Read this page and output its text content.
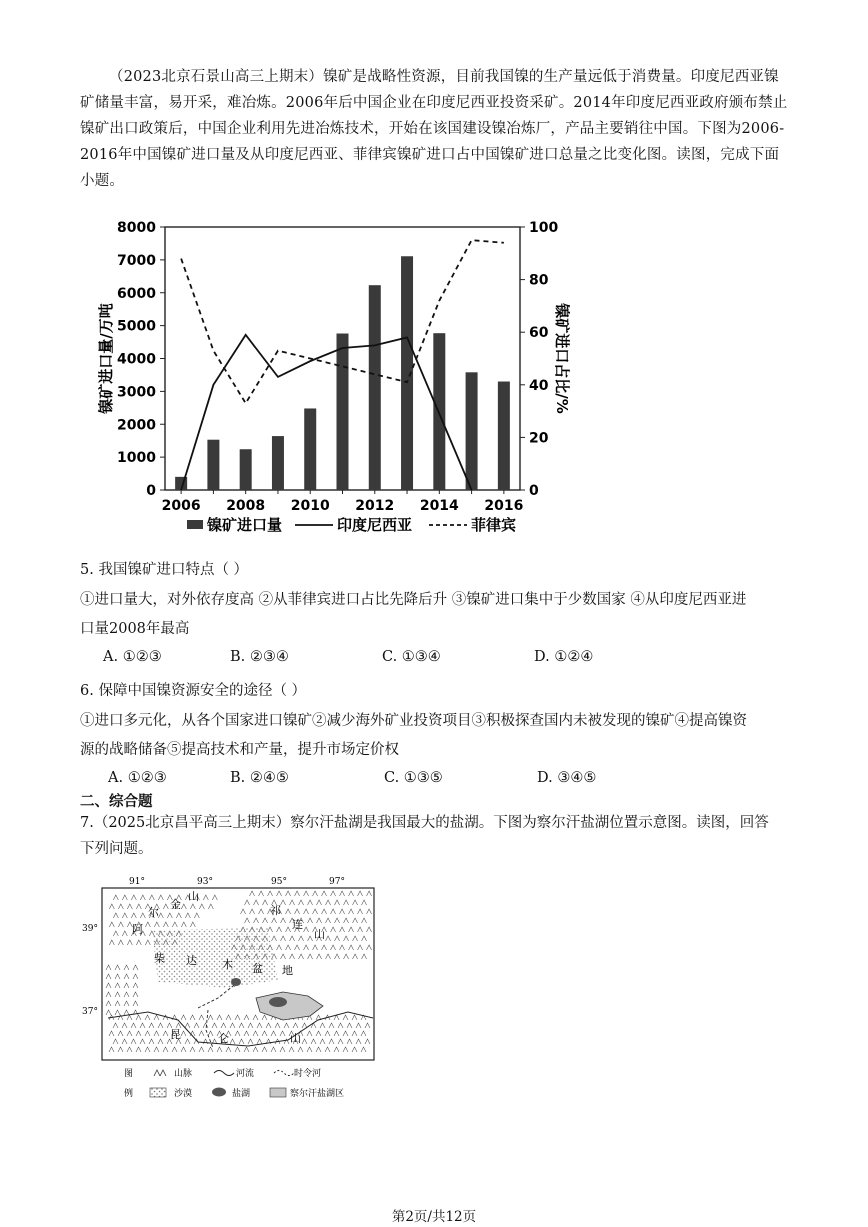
（2023北京石景山高三上期末）镍矿是战略性资源，目前我国镍的生产量远低于消费量。印度尼西亚镍矿储量丰富，易开采，难冶炼。2006年后中国企业在印度尼西亚投资采矿。2014年印度尼西亚政府颁布禁止镍矿出口政策后，中国企业利用先进冶炼技术，开始在该国建设镍冶炼厂，产品主要销往中国。下图为2006-2016年中国镍矿进口量及从印度尼西亚、菲律宾镍矿进口占中国镍矿进口总量之比变化图。读图，完成下面小题。
0
1000
2000
3000
4000
5000
6000
7000
8000
0
20
40
60
80
100
2006 2008 2010 2012 2014 2016
镍矿进口量/万吨	镍矿进口占比/%
镍矿进口量	印度尼西亚	菲律宾
5. 我国镍矿进口特点（ ）
①进口量大，对外依存度高 ②从菲律宾进口占比先降后升 ③镍矿进口集中于少数国家 ④从印度尼西亚进
口量2008年最高
A. ①②③	B. ②③④	C. ①③④	D. ①②④
6. 保障中国镍资源安全的途径（ ）
①进口多元化，从各个国家进口镍矿②减少海外矿业投资项目③积极探查国内未被发现的镍矿④提高镍资
源的战略储备⑤提高技术和产量，提升市场定价权
A. ①②③	B. ②④⑤	C. ①③⑤	D. ③④⑤
二、综合题
7.（2025北京昌平高三上期末）察尔汗盐湖是我国最大的盐湖。下图为察尔汗盐湖位置示意图。读图，回答
下列问题。
91°	93°	95°	97°
39°
37°
阿
尔
金
山
祁
连
山
柴 达 木 盆 地
昆	仑	山
图
例
山脉	河流	时令河
沙漠	盐湖	察尔汗盐湖区
第2页/共12页
